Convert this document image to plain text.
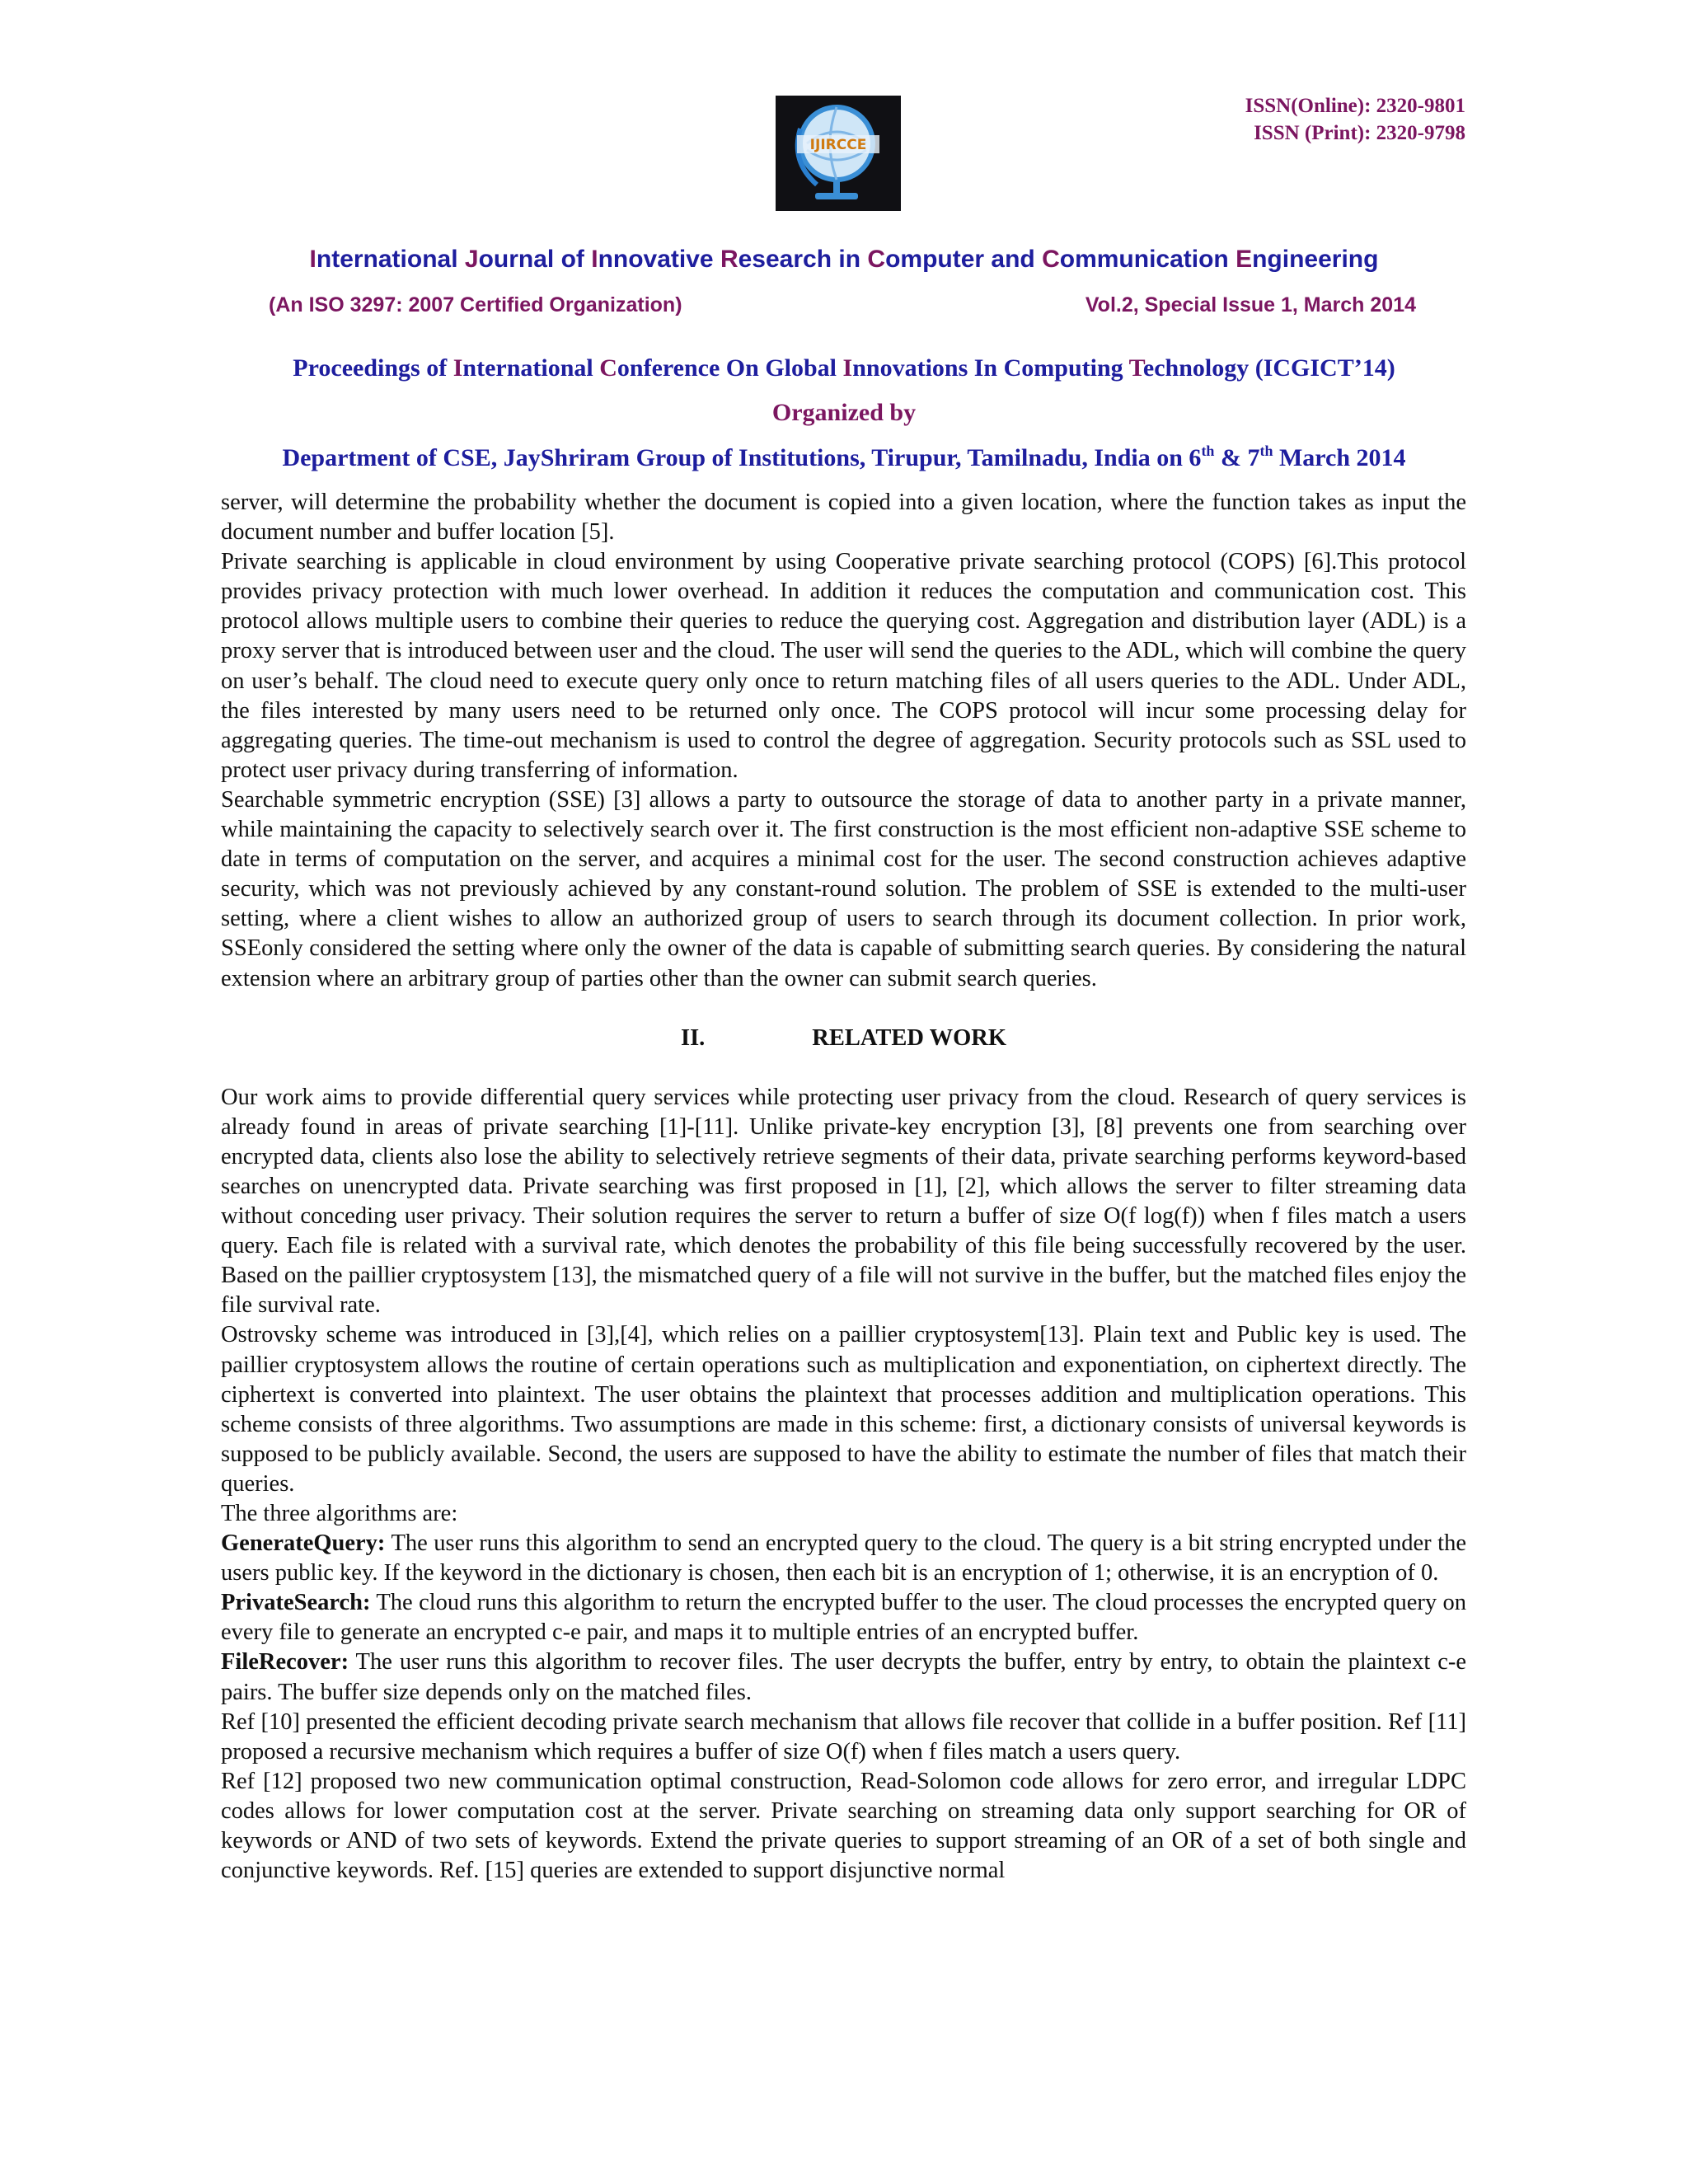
IJIRCCE
ISSN(Online): 2320-9801
ISSN (Print): 2320-9798
International Journal of Innovative Research in Computer and Communication Engineering
(An ISO 3297: 2007 Certified Organization)	Vol.2, Special Issue 1, March 2014
Proceedings of International Conference On Global Innovations In Computing Technology (ICGICT’14)
Organized by
Department of CSE, JayShriram Group of Institutions, Tirupur, Tamilnadu, India on 6th & 7th March 2014

server, will determine the probability whether the document is copied into a given location, where the function takes as input the document number and buffer location [5].

Private searching is applicable in cloud environment by using Cooperative private searching protocol (COPS) [6].This protocol provides privacy protection with much lower overhead. In addition it reduces the computation and communication cost. This protocol allows multiple users to combine their queries to reduce the querying cost. Aggregation and distribution layer (ADL) is a proxy server that is introduced between user and the cloud. The user will send the queries to the ADL, which will combine the query on user’s behalf. The cloud need to execute query only once to return matching files of all users queries to the ADL. Under ADL, the files interested by many users need to be returned only once. The COPS protocol will incur some processing delay for aggregating queries. The time-out mechanism is used to control the degree of aggregation. Security protocols such as SSL used to protect user privacy during transferring of information.

Searchable symmetric encryption (SSE) [3] allows a party to outsource the storage of data to another party in a private manner, while maintaining the capacity to selectively search over it. The first construction is the most efficient non-adaptive SSE scheme to date in terms of computation on the server, and acquires a minimal cost for the user. The second construction achieves adaptive security, which was not previously achieved by any constant-round solution. The problem of SSE is extended to the multi-user setting, where a client wishes to allow an authorized group of users to search through its document collection. In prior work, SSEonly considered the setting where only the owner of the data is capable of submitting search queries. By considering the natural extension where an arbitrary group of parties other than the owner can submit search queries.

II.	RELATED WORK

Our work aims to provide differential query services while protecting user privacy from the cloud. Research of query services is already found in areas of private searching [1]-[11]. Unlike private-key encryption [3], [8] prevents one from searching over encrypted data, clients also lose the ability to selectively retrieve segments of their data, private searching performs keyword-based searches on unencrypted data. Private searching was first proposed in [1], [2], which allows the server to filter streaming data without conceding user privacy. Their solution requires the server to return a buffer of size O(f log(f)) when f files match a users query. Each file is related with a survival rate, which denotes the probability of this file being successfully recovered by the user. Based on the paillier cryptosystem [13], the mismatched query of a file will not survive in the buffer, but the matched files enjoy the file survival rate.

Ostrovsky scheme was introduced in [3],[4], which relies on a paillier cryptosystem[13]. Plain text and Public key is used. The paillier cryptosystem allows the routine of certain operations such as multiplication and exponentiation, on ciphertext directly. The ciphertext is converted into plaintext. The user obtains the plaintext that processes addition and multiplication operations. This scheme consists of three algorithms. Two assumptions are made in this scheme: first, a dictionary consists of universal keywords is supposed to be publicly available. Second, the users are supposed to have the ability to estimate the number of files that match their queries.

The three algorithms are:

GenerateQuery: The user runs this algorithm to send an encrypted query to the cloud. The query is a bit string encrypted under the users public key. If the keyword in the dictionary is chosen, then each bit is an encryption of 1; otherwise, it is an encryption of 0.

PrivateSearch: The cloud runs this algorithm to return the encrypted buffer to the user. The cloud processes the encrypted query on every file to generate an encrypted c-e pair, and maps it to multiple entries of an encrypted buffer.

FileRecover: The user runs this algorithm to recover files. The user decrypts the buffer, entry by entry, to obtain the plaintext c-e pairs. The buffer size depends only on the matched files.

Ref [10] presented the efficient decoding private search mechanism that allows file recover that collide in a buffer position. Ref [11] proposed a recursive mechanism which requires a buffer of size O(f) when f files match a users query.

Ref [12] proposed two new communication optimal construction, Read-Solomon code allows for zero error, and irregular LDPC codes allows for lower computation cost at the server. Private searching on streaming data only support searching for OR of keywords or AND of two sets of keywords. Extend the private queries to support streaming of an OR of a set of both single and conjunctive keywords. Ref. [15] queries are extended to support disjunctive normal
